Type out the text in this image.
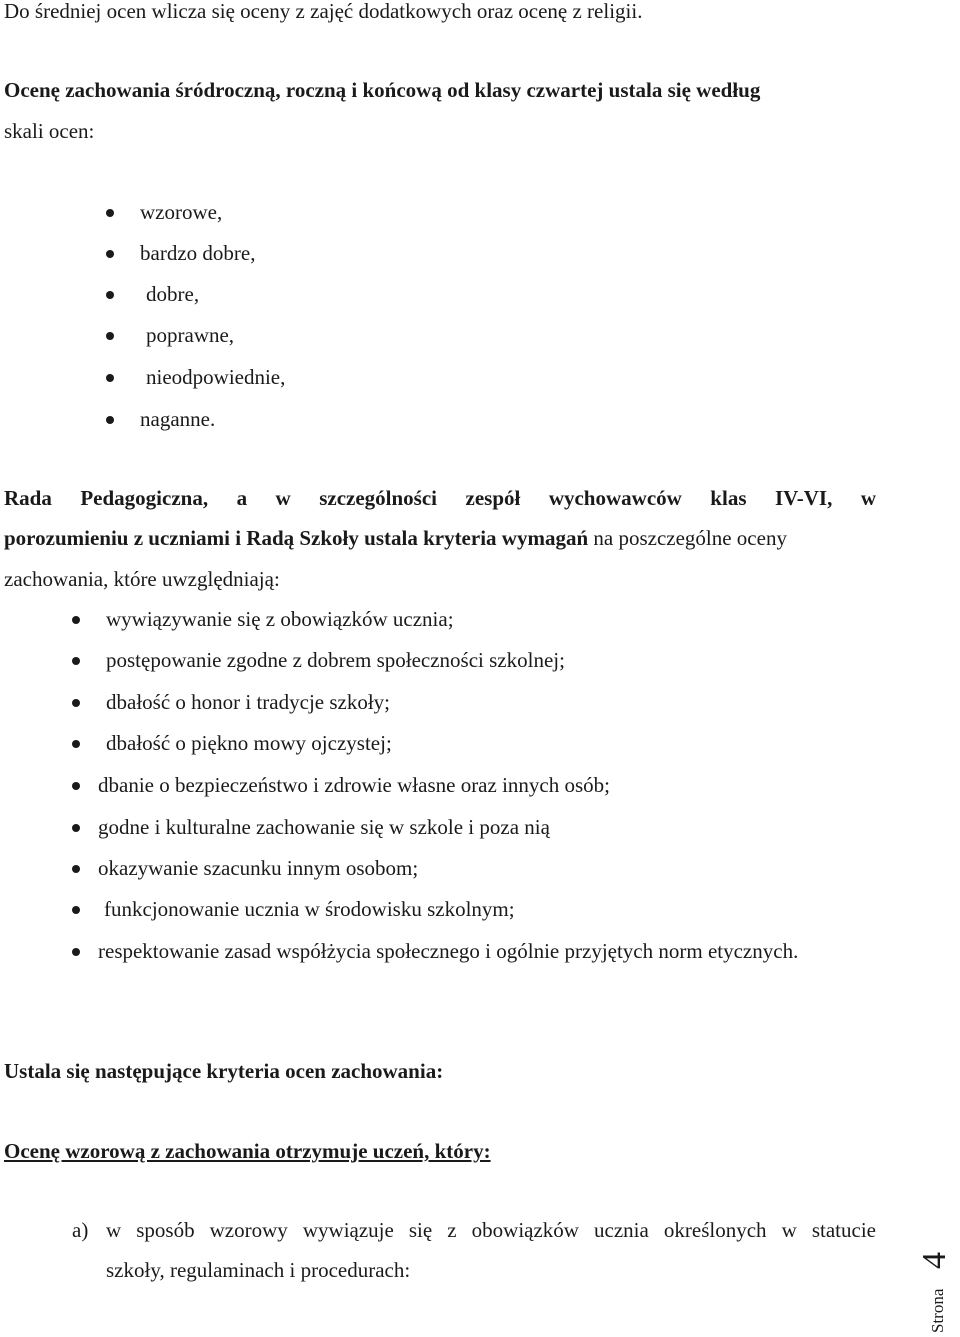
Do średniej ocen wlicza się oceny z zajęć dodatkowych oraz ocenę z religii.

Ocenę zachowania śródroczną, roczną i końcową od klasy czwartej ustala się według

skali ocen:

wzorowe,
bardzo dobre,
dobre,
poprawne,
nieodpowiednie,
naganne.

Rada Pedagogiczna, a w szczególności zespół wychowawców klas IV-VI, w

porozumieniu z uczniami i Radą Szkoły ustala kryteria wymagań na poszczególne oceny

zachowania, które uwzględniają:

wywiązywanie się z obowiązków ucznia;
postępowanie zgodne z dobrem społeczności szkolnej;
dbałość o honor i tradycje szkoły;
dbałość o piękno mowy ojczystej;
dbanie o bezpieczeństwo i zdrowie własne oraz innych osób;
godne i kulturalne zachowanie się w szkole i poza nią
okazywanie szacunku innym osobom;
funkcjonowanie ucznia w środowisku szkolnym;
respektowanie zasad współżycia społecznego i ogólnie przyjętych norm etycznych.

Ustala się następujące kryteria ocen zachowania:

Ocenę wzorową z zachowania otrzymuje uczeń, który:

a) w sposób wzorowy wywiązuje się z obowiązków ucznia określonych w statucie

szkoły, regulaminach i procedurach:	4
Strona
